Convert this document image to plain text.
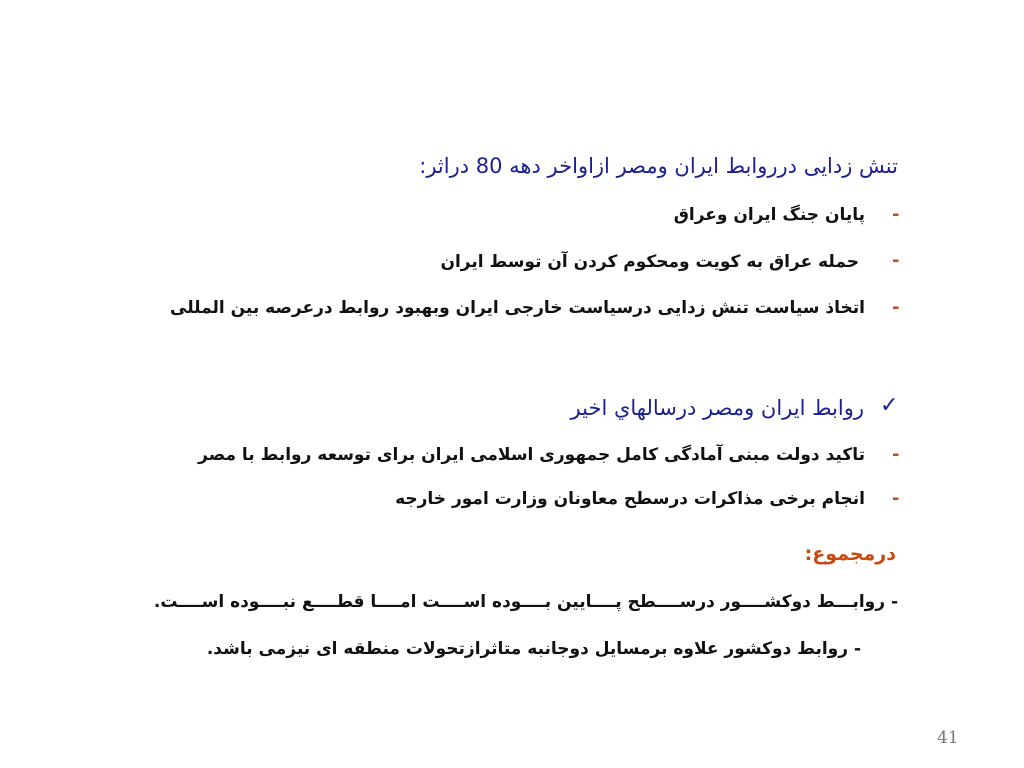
تنش زدایی درروابط ایران ومصر ازاواخر دهه 80 دراثر:
-
پایان جنگ ایران وعراق
-
حمله عراق به کویت ومحکوم کردن آن توسط ایران
-
اتخاذ سیاست تنش زدایی درسیاست خارجی ایران وبهبود روابط درعرصه بین المللی
✓
روابط ایران ومصر درسالهاي اخیر
-
تاکید دولت مبنی آمادگی کامل جمهوری اسلامی ایران برای توسعه روابط با مصر
-
انجام برخی مذاکرات درسطح معاونان وزارت امور خارجه
درمجموع:
- روابـــط دوکشــــور درســــطح پــــایین بــــوده اســــت امــــا قطــــع نبــــوده اســــت.
- روابط دوکشور علاوه برمسایل دوجانبه متاثرازتحولات منطقه ای نیزمی باشد.
41
